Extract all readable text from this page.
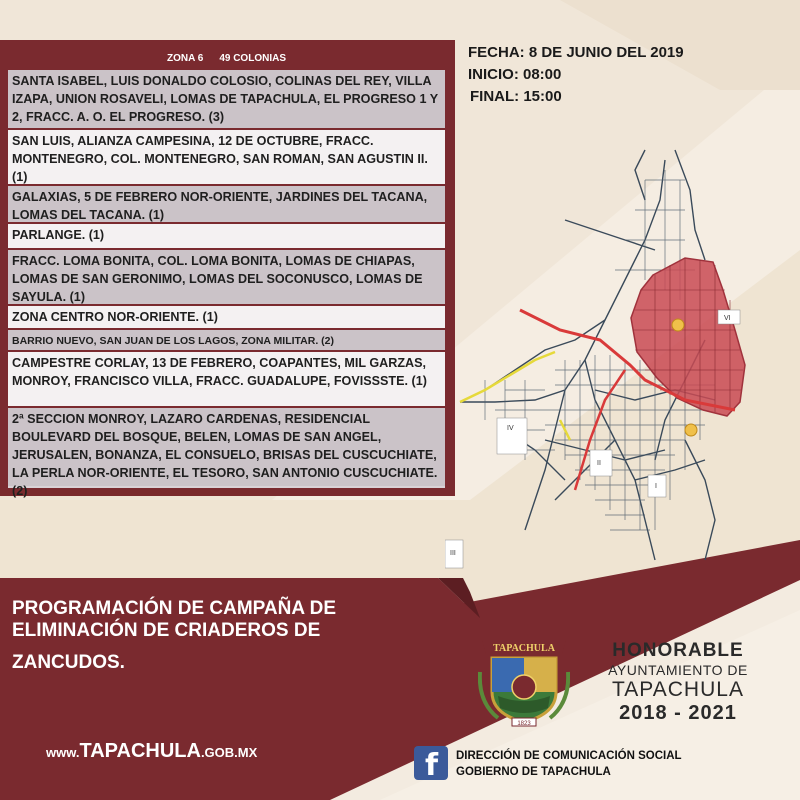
ZONA 6 49 COLONIAS
SANTA ISABEL, LUIS DONALDO COLOSIO, COLINAS DEL REY, VILLA IZAPA, UNION ROSAVELI, LOMAS DE TAPACHULA, EL PROGRESO 1 Y 2, FRACC. A. O. EL PROGRESO. (3)
SAN LUIS, ALIANZA CAMPESINA, 12 DE OCTUBRE, FRACC. MONTENEGRO, COL. MONTENEGRO, SAN ROMAN, SAN AGUSTIN II. (1)
GALAXIAS, 5 DE FEBRERO NOR-ORIENTE, JARDINES DEL TACANA, LOMAS DEL TACANA. (1)
PARLANGE. (1)
FRACC. LOMA BONITA, COL. LOMA BONITA, LOMAS DE CHIAPAS, LOMAS DE SAN GERONIMO, LOMAS DEL SOCONUSCO, LOMAS DE SAYULA. (1)
ZONA CENTRO NOR-ORIENTE. (1)
BARRIO NUEVO, SAN JUAN DE LOS LAGOS, ZONA MILITAR. (2)
CAMPESTRE CORLAY, 13 DE FEBRERO, COAPANTES, MIL GARZAS, MONROY, FRANCISCO VILLA, FRACC. GUADALUPE, FOVISSSTE. (1)
2ª SECCION MONROY, LAZARO CARDENAS, RESIDENCIAL BOULEVARD DEL BOSQUE, BELEN, LOMAS DE SAN ANGEL, JERUSALEN, BONANZA, EL CONSUELO, BRISAS DEL CUSCUCHIATE, LA PERLA NOR-ORIENTE, EL TESORO, SAN ANTONIO CUSCUCHIATE. (2)
FECHA: 8 DE JUNIO DEL 2019
INICIO: 08:00
FINAL: 15:00
VI
IV
II
I
III
PROGRAMACIÓN DE CAMPAÑA DE ELIMINACIÓN DE CRIADEROS DE
ZANCUDOS.
www.TAPACHULA.GOB.MX
TAPACHULA
1823
HONORABLE
AYUNTAMIENTO DE
TAPACHULA
2018 - 2021
f DIRECCIÓN DE COMUNICACIÓN SOCIAL
GOBIERNO DE TAPACHULA
